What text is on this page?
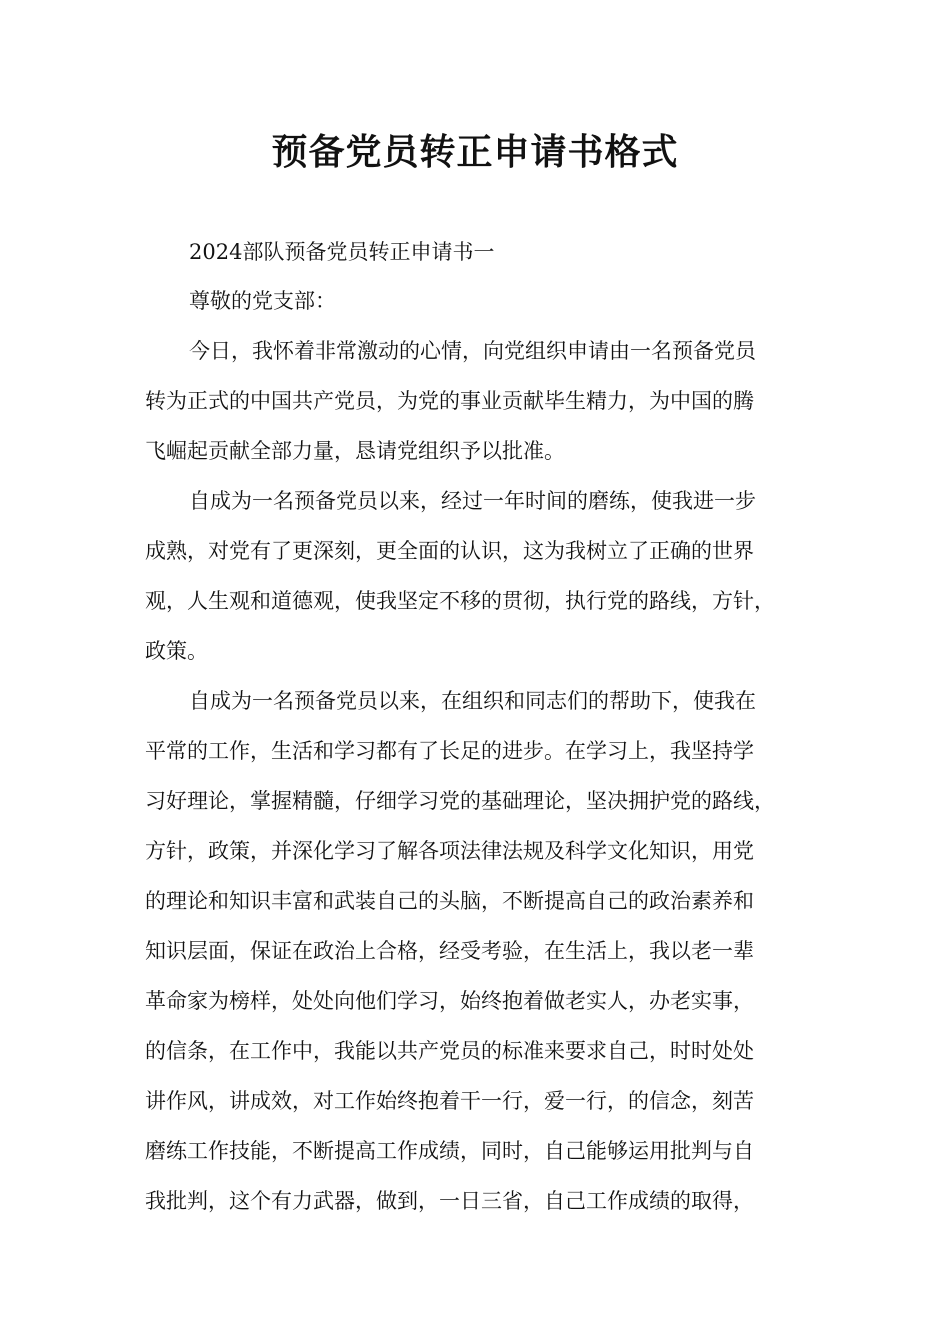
预备党员转正申请书格式
2024部队预备党员转正申请书一
尊敬的党支部：
今日，我怀着非常激动的心情，向党组织申请由一名预备党员
转为正式的中国共产党员，为党的事业贡献毕生精力，为中国的腾
飞崛起贡献全部力量，恳请党组织予以批准。
自成为一名预备党员以来，经过一年时间的磨练，使我进一步
成熟，对党有了更深刻，更全面的认识，这为我树立了正确的世界
观，人生观和道德观，使我坚定不移的贯彻，执行党的路线，方针，
政策。
自成为一名预备党员以来，在组织和同志们的帮助下，使我在
平常的工作，生活和学习都有了长足的进步。在学习上，我坚持学
习好理论，掌握精髓，仔细学习党的基础理论，坚决拥护党的路线，
方针，政策，并深化学习了解各项法律法规及科学文化知识，用党
的理论和知识丰富和武装自己的头脑，不断提高自己的政治素养和
知识层面，保证在政治上合格，经受考验，在生活上，我以老一辈
革命家为榜样，处处向他们学习，始终抱着做老实人，办老实事，
的信条，在工作中，我能以共产党员的标准来要求自己，时时处处
讲作风，讲成效，对工作始终抱着干一行，爱一行，的信念，刻苦
磨练工作技能，不断提高工作成绩，同时，自己能够运用批判与自
我批判，这个有力武器，做到，一日三省，自己工作成绩的取得，
